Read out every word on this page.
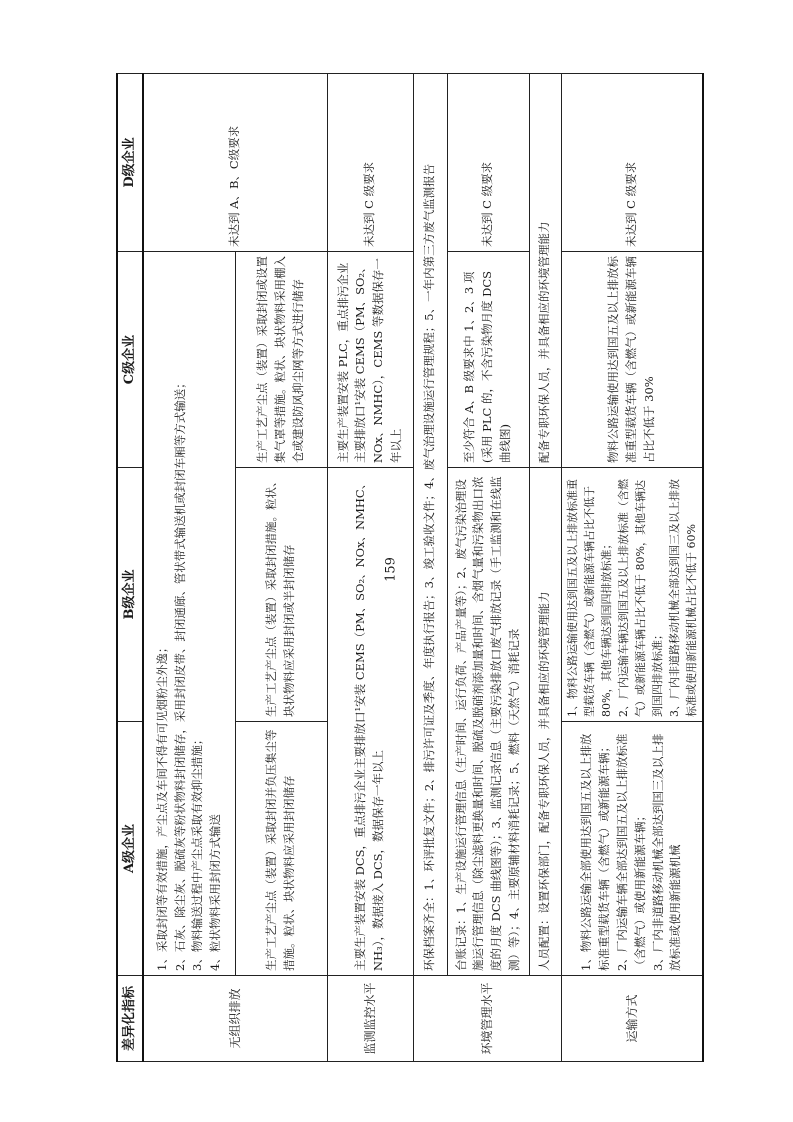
差异化指标	A级企业	B级企业	C级企业	D级企业
无组织排放	1、采取封闭等有效措施，产尘点及车间不得有可见烟粉尘外逸； 2、石灰、除尘灰、脱硫灰等粉状物料封闭储存，采用封闭皮带、封闭通廊、管状带式输送机或封闭车厢等方式输送； 3、物料输送过程中产尘点采取有效抑尘措施； 4、粒状物料采用封闭方式输送			未达到 A、B、C级要求
	生产工艺产尘点（装置）采取封闭并负压集尘等措施。粒状、块状物料应采用封闭储存	生产工艺产尘点（装置）采取封闭措施。粒状、块状物料应采用封闭或半封闭储存	生产工艺产尘点（装置）采取封闭或设置集气罩等措施。粒状、块状物料采用棚入仓或建设防风抑尘网等方式进行储存	
监测监控水平	主要生产装置安装 DCS，重点排污企业主要排放口¹安装 CEMS（PM、SO₂、NOx、NMHC、NH₃），数据接入 DCS，数据保存一年以上		主要生产装置安装 PLC，重点排污企业主要排放口¹安装 CEMS（PM、SO₂、NOx、NMHC），CEMS 等数据保存一年以上	未达到 C 级要求
环境管理水平	环保档案齐全：1、环评批复文件；2、排污许可证及季度、年度执行报告；3、竣工验收文件；4、废气治理设施运行管理规程；5、一年内第三方废气监测报告			
	台账记录：1、生产设施运行管理信息（生产时间、运行负荷、产品产量等）；2、废气污染治理设施运行管理信息（除尘滤料更换量和时间、脱硫及脱硝剂添加量和时间、含烟气量和污染物出口浓度的月度 DCS 曲线图等）；3、监测记录信息（主要污染排放口废气排放记录（手工监测和在线监测）等）；4、主要原辅材料消耗记录；5、燃料（天然气）消耗记录		至少符合 A、B 级要求中 1、2、3 项(采用 PLC 的，不含污染物月度 DCS 曲线图)	未达到 C 级要求
	人员配置：设置环保部门，配备专职环保人员，并具备相应的环境管理能力		配备专职环保人员，并具备相应的环境管理能力	
运输方式	1、物料公路运输全部使用达到国五及以上排放标准重型载货车辆（含燃气）或新能源车辆； 2、厂内运输车辆全部达到国五及以上排放标准（含燃气）或使用新能源车辆； 3、厂内非道路移动机械全部达到国三及以上排放标准或使用新能源机械	1、物料公路运输使用达到国五及以上排放标准重型载货车辆（含燃气）或新能源车辆占比不低于80%，其他车辆达到国四排放标准； 2、厂内运输车辆达到国五及以上排放标准（含燃气）或新能源车辆占比不低于 80%，其他车辆达到国四排放标准； 3、厂内非道路移动机械全部达到国三及以上排放标准或使用新能源机械占比不低于 60%	物料公路运输使用达到国五及以上排放标准重型载货车辆（含燃气）或新能源车辆占比不低于 30%	未达到 C 级要求
159
